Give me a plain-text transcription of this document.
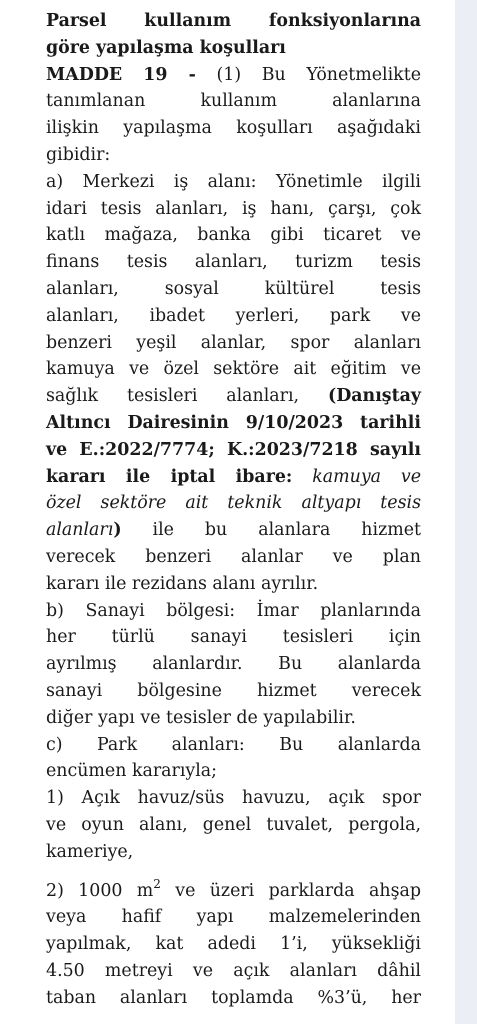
Parsel kullanım fonksiyonlarına
göre yapılaşma koşulları
MADDE 19 - (1) Bu Yönetmelikte
tanımlanan kullanım alanlarına
ilişkin yapılaşma koşulları aşağıdaki
gibidir:
a) Merkezi iş alanı: Yönetimle ilgili
idari tesis alanları, iş hanı, çarşı, çok
katlı mağaza, banka gibi ticaret ve
finans tesis alanları, turizm tesis
alanları, sosyal kültürel tesis
alanları, ibadet yerleri, park ve
benzeri yeşil alanlar, spor alanları
kamuya ve özel sektöre ait eğitim ve
sağlık tesisleri alanları, (Danıştay
Altıncı Dairesinin 9/10/2023 tarihli
ve E.:2022/7774; K.:2023/7218 sayılı
kararı ile iptal ibare: kamuya ve
özel sektöre ait teknik altyapı tesis
alanları) ile bu alanlara hizmet
verecek benzeri alanlar ve plan
kararı ile rezidans alanı ayrılır.
b) Sanayi bölgesi: İmar planlarında
her türlü sanayi tesisleri için
ayrılmış alanlardır. Bu alanlarda
sanayi bölgesine hizmet verecek
diğer yapı ve tesisler de yapılabilir.
c) Park alanları: Bu alanlarda
encümen kararıyla;
1) Açık havuz/süs havuzu, açık spor
ve oyun alanı, genel tuvalet, pergola,
kameriye,
2) 1000 $m^2$ ve üzeri parklarda ahşap
veya hafif yapı malzemelerinden
yapılmak, kat adedi 1’i, yüksekliği
4.50 metreyi ve açık alanları dâhil
taban alanları toplamda %3’ü, her
